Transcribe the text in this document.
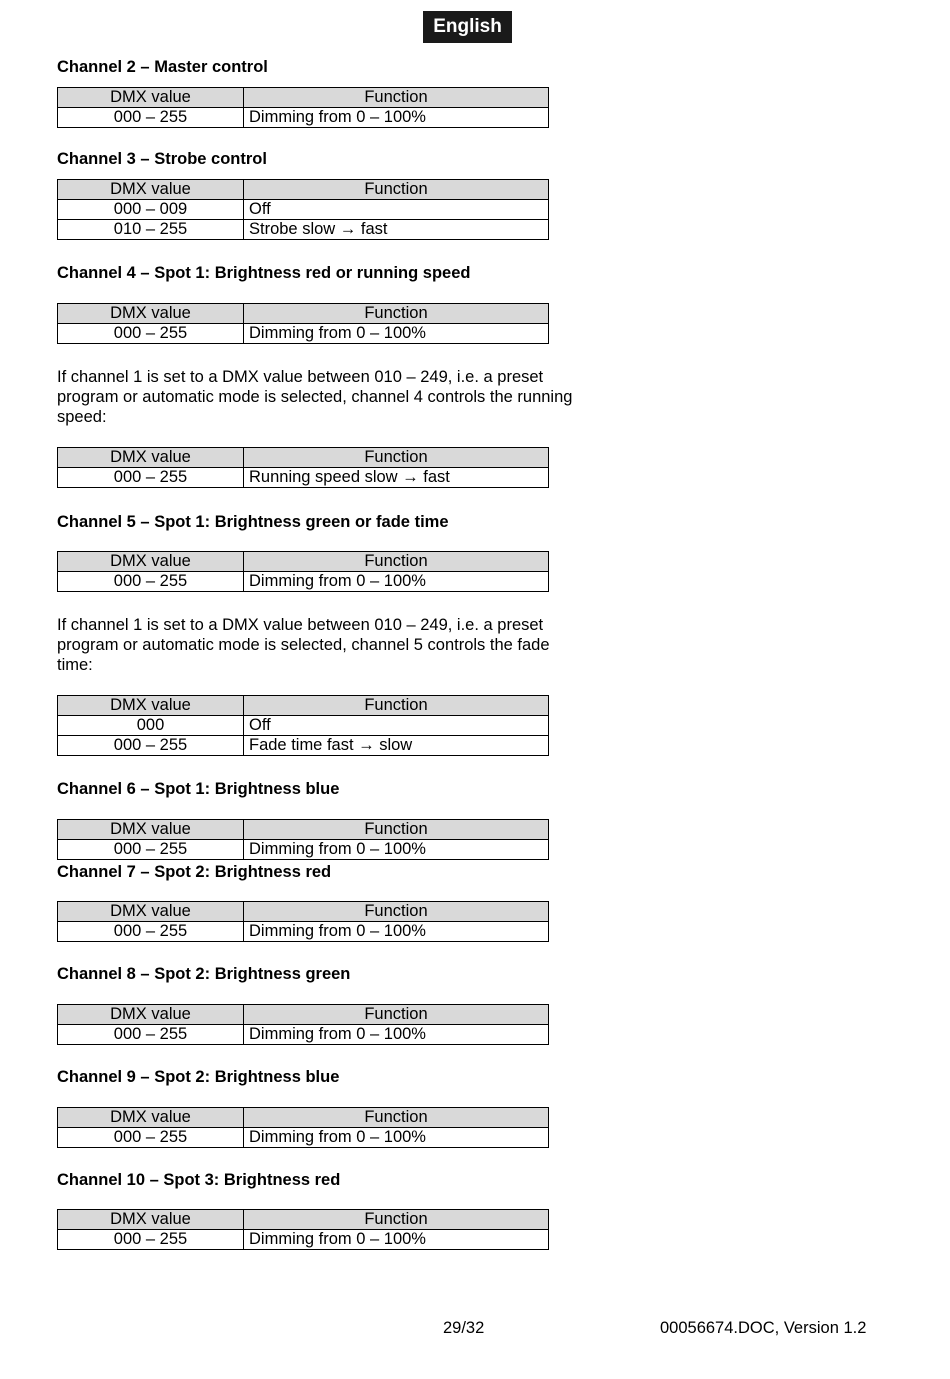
English
Channel 2 – Master control
DMX value	Function
000 – 255	Dimming from 0 – 100%
Channel 3 – Strobe control
DMX value	Function
000 – 009	Off
010 – 255	Strobe slow → fast
Channel 4 – Spot 1: Brightness red or running speed
DMX value	Function
000 – 255	Dimming from 0 – 100%
If channel 1 is set to a DMX value between 010 – 249, i.e. a preset program or automatic mode is selected, channel 4 controls the running speed:
DMX value	Function
000 – 255	Running speed slow → fast
Channel 5 – Spot 1: Brightness green or fade time
DMX value	Function
000 – 255	Dimming from 0 – 100%
If channel 1 is set to a DMX value between 010 – 249, i.e. a preset program or automatic mode is selected, channel 5 controls the fade time:
DMX value	Function
000	Off
000 – 255	Fade time fast → slow
Channel 6 – Spot 1: Brightness blue
DMX value	Function
000 – 255	Dimming from 0 – 100%
Channel 7 – Spot 2: Brightness red
DMX value	Function
000 – 255	Dimming from 0 – 100%
Channel 8 – Spot 2: Brightness green
DMX value	Function
000 – 255	Dimming from 0 – 100%
Channel 9 – Spot 2: Brightness blue
DMX value	Function
000 – 255	Dimming from 0 – 100%
Channel 10 – Spot 3: Brightness red
DMX value	Function
000 – 255	Dimming from 0 – 100%
29/32	00056674.DOC, Version 1.2
